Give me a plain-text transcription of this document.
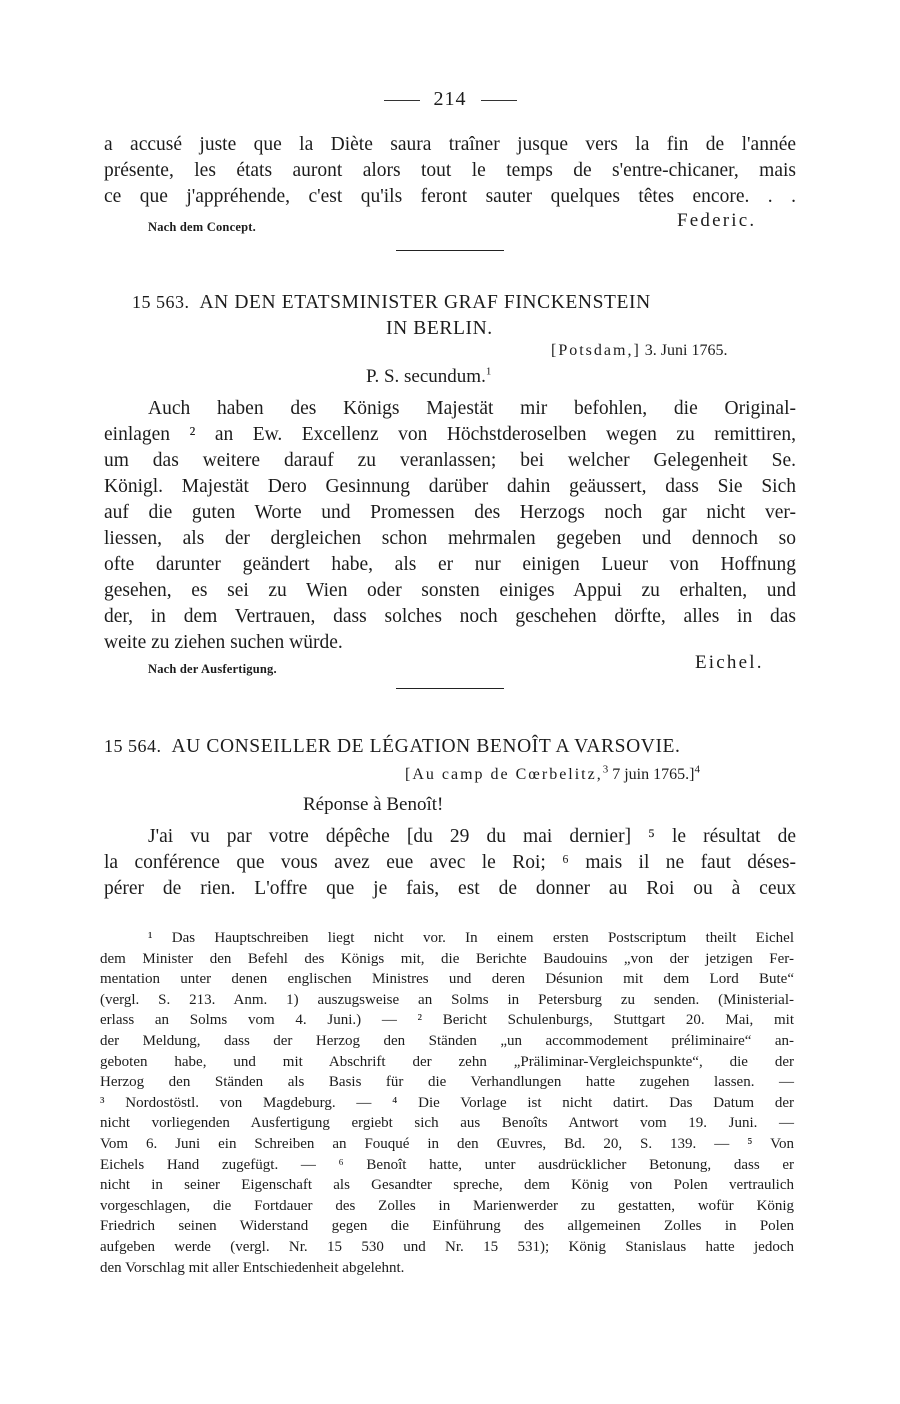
214
a accusé juste que la Diète saura traîner jusque vers la fin de l'année
présente, les états auront alors tout le temps de s'entre-chicaner, mais
ce que j'appréhende, c'est qu'ils feront sauter quelques têtes encore. . .
Nach dem Concept.	Federic.
15 563. AN DEN ETATSMINISTER GRAF FINCKENSTEIN
IN BERLIN.
[Potsdam,] 3. Juni 1765.
P. S. secundum.$^1$
Auch haben des Königs Majestät mir befohlen, die Original-
einlagen ² an Ew. Excellenz von Höchstderoselben wegen zu remittiren,
um das weitere darauf zu veranlassen; bei welcher Gelegenheit Se.
Königl. Majestät Dero Gesinnung darüber dahin geäussert, dass Sie Sich
auf die guten Worte und Promessen des Herzogs noch gar nicht ver-
liessen, als der dergleichen schon mehrmalen gegeben und dennoch so
ofte darunter geändert habe, als er nur einigen Lueur von Hoffnung
gesehen, es sei zu Wien oder sonsten einiges Appui zu erhalten, und
der, in dem Vertrauen, dass solches noch geschehen dörfte, alles in das
weite zu ziehen suchen würde.
Nach der Ausfertigung.	Eichel.
15 564. AU CONSEILLER DE LÉGATION BENOÎT A VARSOVIE.
[Au camp de Cœrbelitz,$^3$ 7 juin 1765.]$^4$
Réponse à Benoît!
J'ai vu par votre dépêche [du 29 du mai dernier] ⁵ le résultat de
la conférence que vous avez eue avec le Roi; ⁶ mais il ne faut déses-
pérer de rien. L'offre que je fais, est de donner au Roi ou à ceux
¹ Das Hauptschreiben liegt nicht vor. In einem ersten Postscriptum theilt Eichel
dem Minister den Befehl des Königs mit, die Berichte Baudouins „von der jetzigen Fer-
mentation unter denen englischen Ministres und deren Désunion mit dem Lord Bute“
(vergl. S. 213. Anm. 1) auszugsweise an Solms in Petersburg zu senden. (Ministerial-
erlass an Solms vom 4. Juni.) — ² Bericht Schulenburgs, Stuttgart 20. Mai, mit
der Meldung, dass der Herzog den Ständen „un accommodement préliminaire“ an-
geboten habe, und mit Abschrift der zehn „Präliminar-Vergleichspunkte“, die der
Herzog den Ständen als Basis für die Verhandlungen hatte zugehen lassen. —
³ Nordostöstl. von Magdeburg. — ⁴ Die Vorlage ist nicht datirt. Das Datum der
nicht vorliegenden Ausfertigung ergiebt sich aus Benoîts Antwort vom 19. Juni. —
Vom 6. Juni ein Schreiben an Fouqué in den Œuvres, Bd. 20, S. 139. — ⁵ Von
Eichels Hand zugefügt. — ⁶ Benoît hatte, unter ausdrücklicher Betonung, dass er
nicht in seiner Eigenschaft als Gesandter spreche, dem König von Polen vertraulich
vorgeschlagen, die Fortdauer des Zolles in Marienwerder zu gestatten, wofür König
Friedrich seinen Widerstand gegen die Einführung des allgemeinen Zolles in Polen
aufgeben werde (vergl. Nr. 15 530 und Nr. 15 531); König Stanislaus hatte jedoch
den Vorschlag mit aller Entschiedenheit abgelehnt.
